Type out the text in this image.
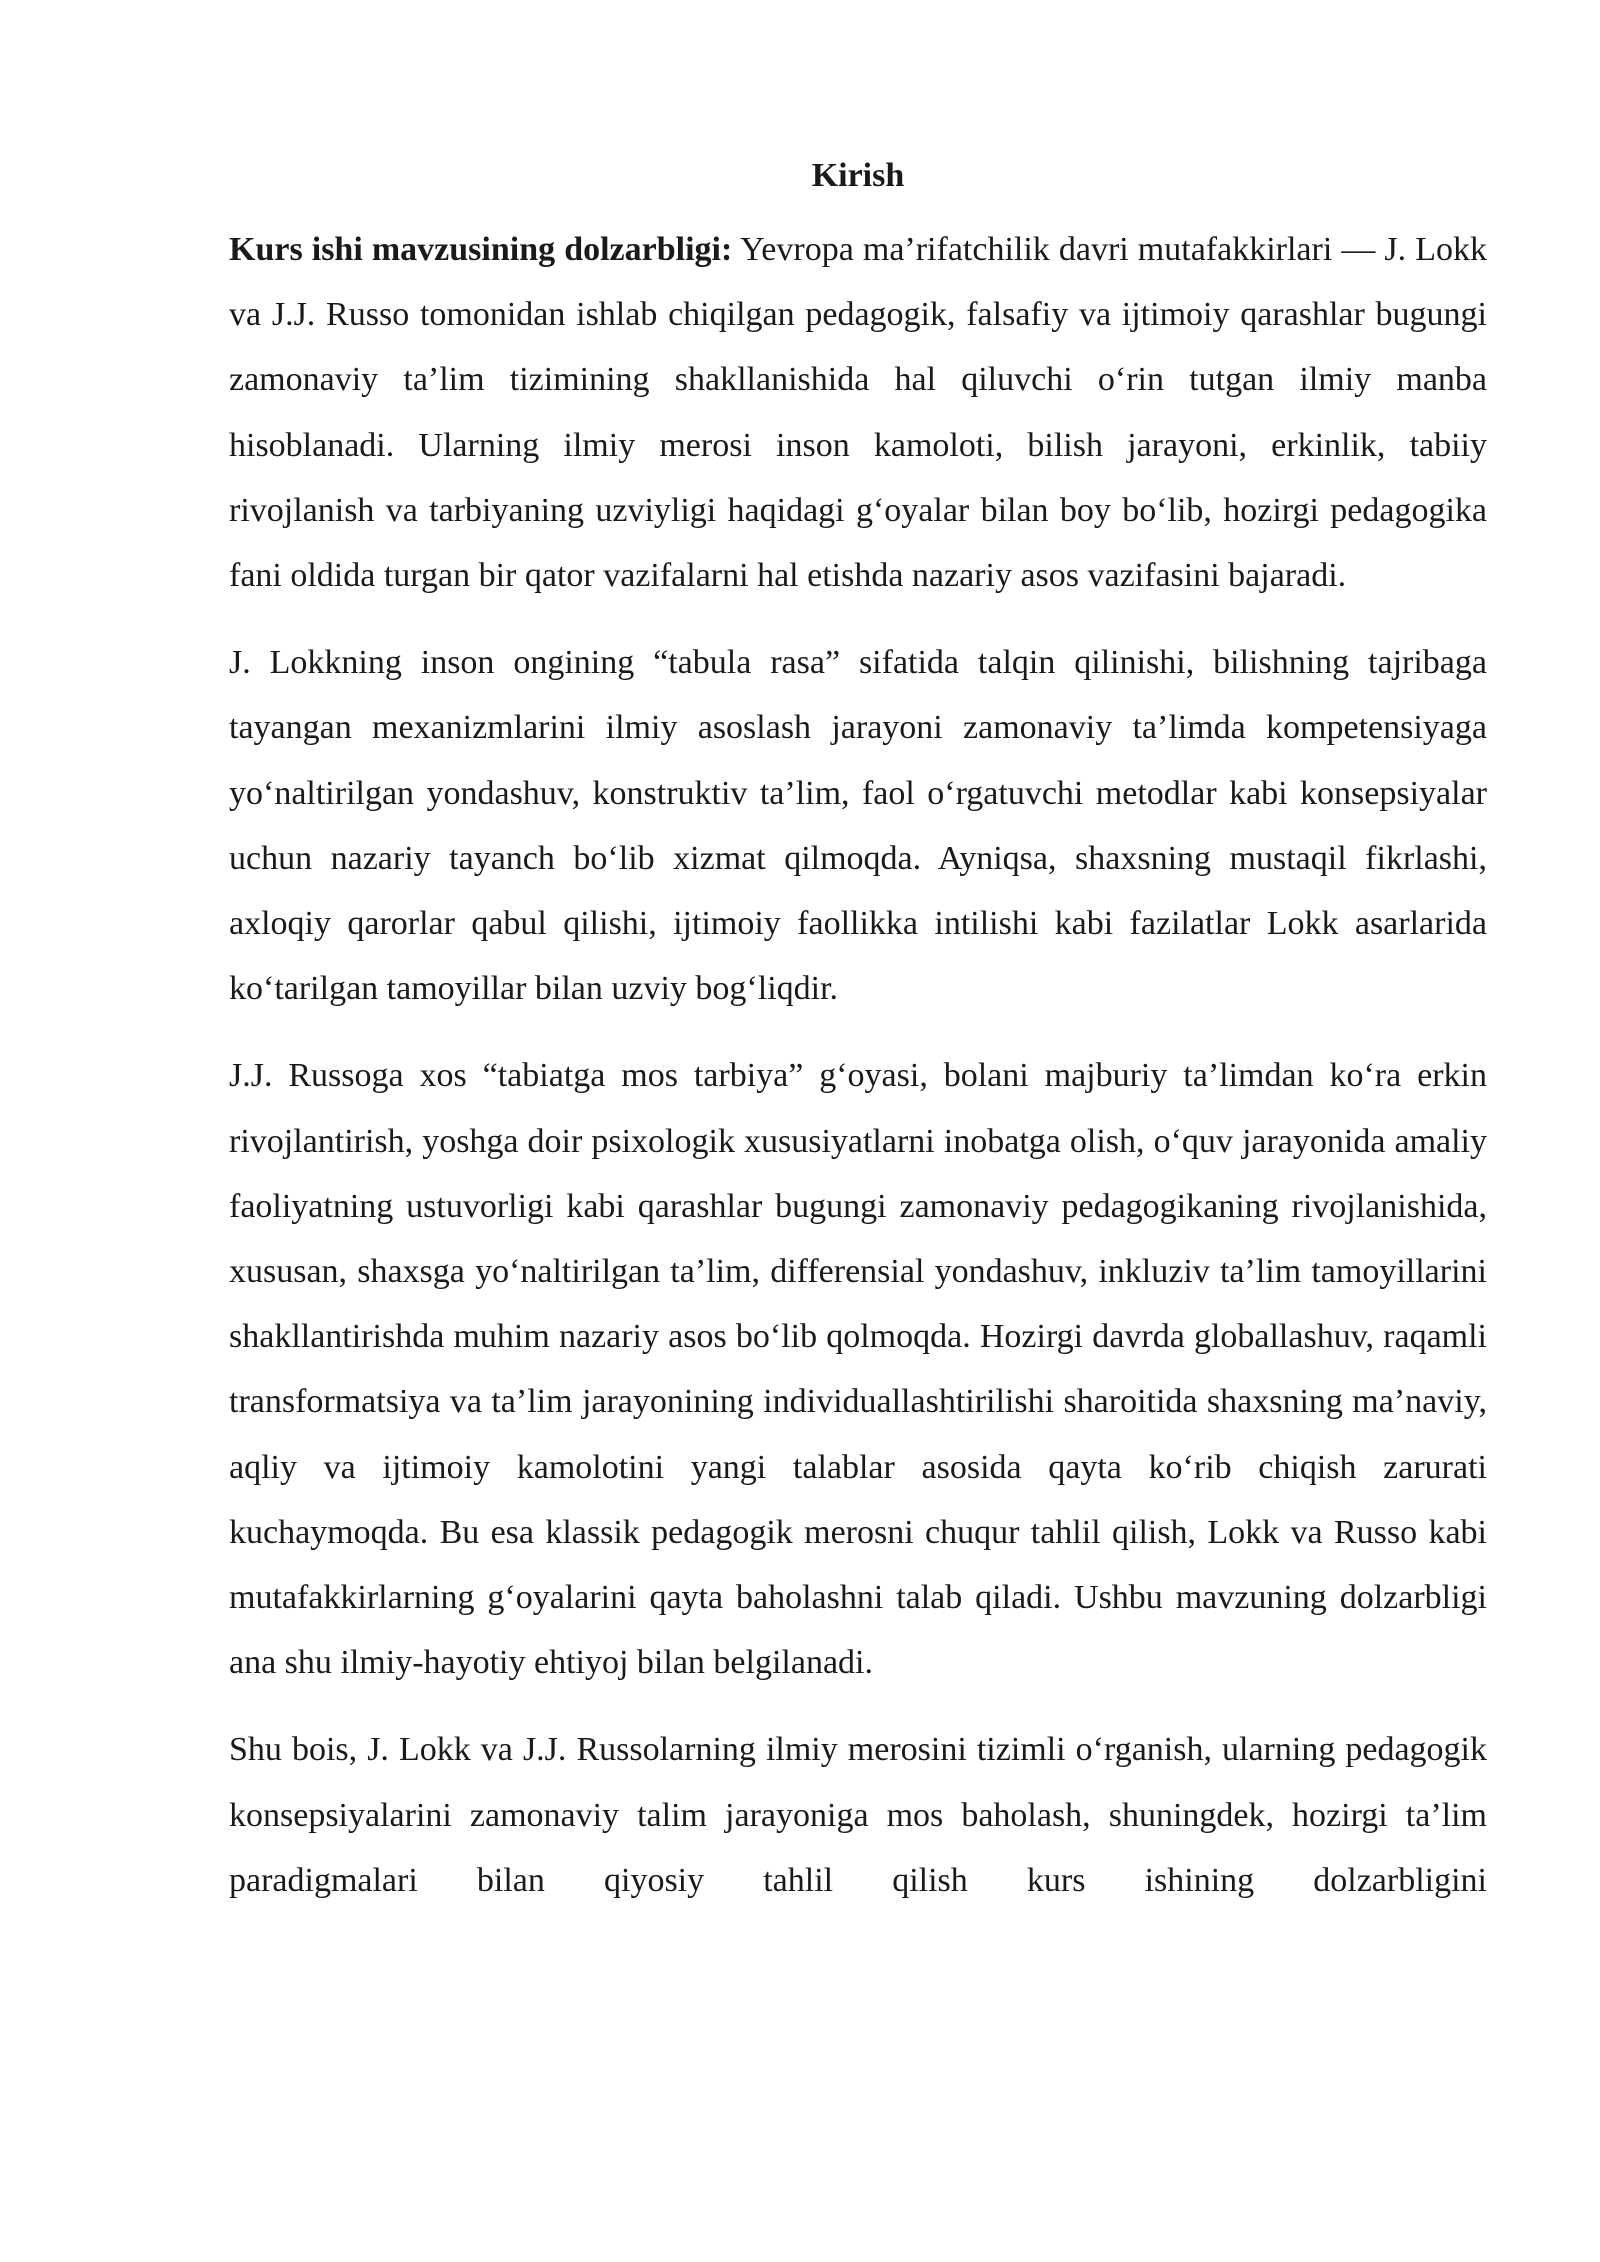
Kirish

Kurs ishi mavzusining dolzarbligi: Yevropa ma’rifatchilik davri mutafakkirlari — J. Lokk va J.J. Russo tomonidan ishlab chiqilgan pedagogik, falsafiy va ijtimoiy qarashlar bugungi zamonaviy ta’lim tizimining shakllanishida hal qiluvchi o‘rin tutgan ilmiy manba hisoblanadi. Ularning ilmiy merosi inson kamoloti, bilish jarayoni, erkinlik, tabiiy rivojlanish va tarbiyaning uzviyligi haqidagi g‘oyalar bilan boy bo‘lib, hozirgi pedagogika fani oldida turgan bir qator vazifalarni hal etishda nazariy asos vazifasini bajaradi.

J. Lokkning inson ongining “tabula rasa” sifatida talqin qilinishi, bilishning tajribaga tayangan mexanizmlarini ilmiy asoslash jarayoni zamonaviy ta’limda kompetensiyaga yo‘naltirilgan yondashuv, konstruktiv ta’lim, faol o‘rgatuvchi metodlar kabi konsepsiyalar uchun nazariy tayanch bo‘lib xizmat qilmoqda. Ayniqsa, shaxsning mustaqil fikrlashi, axloqiy qarorlar qabul qilishi, ijtimoiy faollikka intilishi kabi fazilatlar Lokk asarlarida ko‘tarilgan tamoyillar bilan uzviy bog‘liqdir.

J.J. Russoga xos “tabiatga mos tarbiya” g‘oyasi, bolani majburiy ta’limdan ko‘ra erkin rivojlantirish, yoshga doir psixologik xususiyatlarni inobatga olish, o‘quv jarayonida amaliy faoliyatning ustuvorligi kabi qarashlar bugungi zamonaviy pedagogikaning rivojlanishida, xususan, shaxsga yo‘naltirilgan ta’lim, differensial yondashuv, inkluziv ta’lim tamoyillarini shakllantirishda muhim nazariy asos bo‘lib qolmoqda. Hozirgi davrda globallashuv, raqamli transformatsiya va ta’lim jarayonining individuallashtirilishi sharoitida shaxsning ma’naviy, aqliy va ijtimoiy kamolotini yangi talablar asosida qayta ko‘rib chiqish zarurati kuchaymoqda. Bu esa klassik pedagogik merosni chuqur tahlil qilish, Lokk va Russo kabi mutafakkirlarning g‘oyalarini qayta baholashni talab qiladi. Ushbu mavzuning dolzarbligi ana shu ilmiy-hayotiy ehtiyoj bilan belgilanadi.

Shu bois, J. Lokk va J.J. Russolarning ilmiy merosini tizimli o‘rganish, ularning pedagogik konsepsiyalarini zamonaviy talim jarayoniga mos baholash, shuningdek, hozirgi ta’lim paradigmalari bilan qiyosiy tahlil qilish kurs ishining dolzarbligini
